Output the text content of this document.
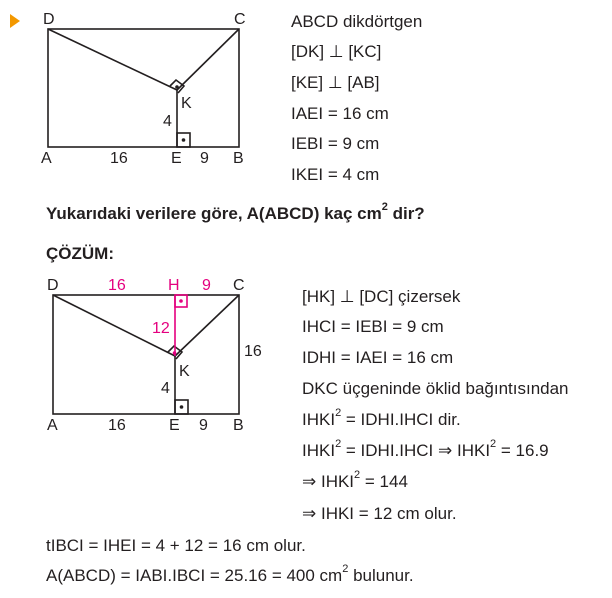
D	C
A	B
E
K
4
16	9
ABCD dikdörtgen
[DK] ⊥ [KC]
[KE] ⊥ [AB]
IAEI = 16 cm
IEBI = 9 cm
IKEI = 4 cm
Yukarıdaki verilere göre, A(ABCD) kaç $cm^2$ dir?
ÇÖZÜM:
D	C
H
16	9
12
16
K
4
A	16	E 9 B
[HK] ⊥ [DC] çizersek
IHCI = IEBI = 9 cm
IDHI = IAEI = 16 cm
DKC üçgeninde öklid bağıntısından
$IHKI^2$ = IDHI.IHCI dir.
$IHKI^2$ = IDHI.IHCI ⇒ $IHKI^2 = 16.9$
⇒ $IHKI^2 = 144$
⇒ IHKI = 12 cm olur.
tIBCI = IHEI = 4 + 12 = 16 cm olur.
A(ABCD) = IABI.IBCI = 25.16 = 400 $cm^2$ bulunur.
